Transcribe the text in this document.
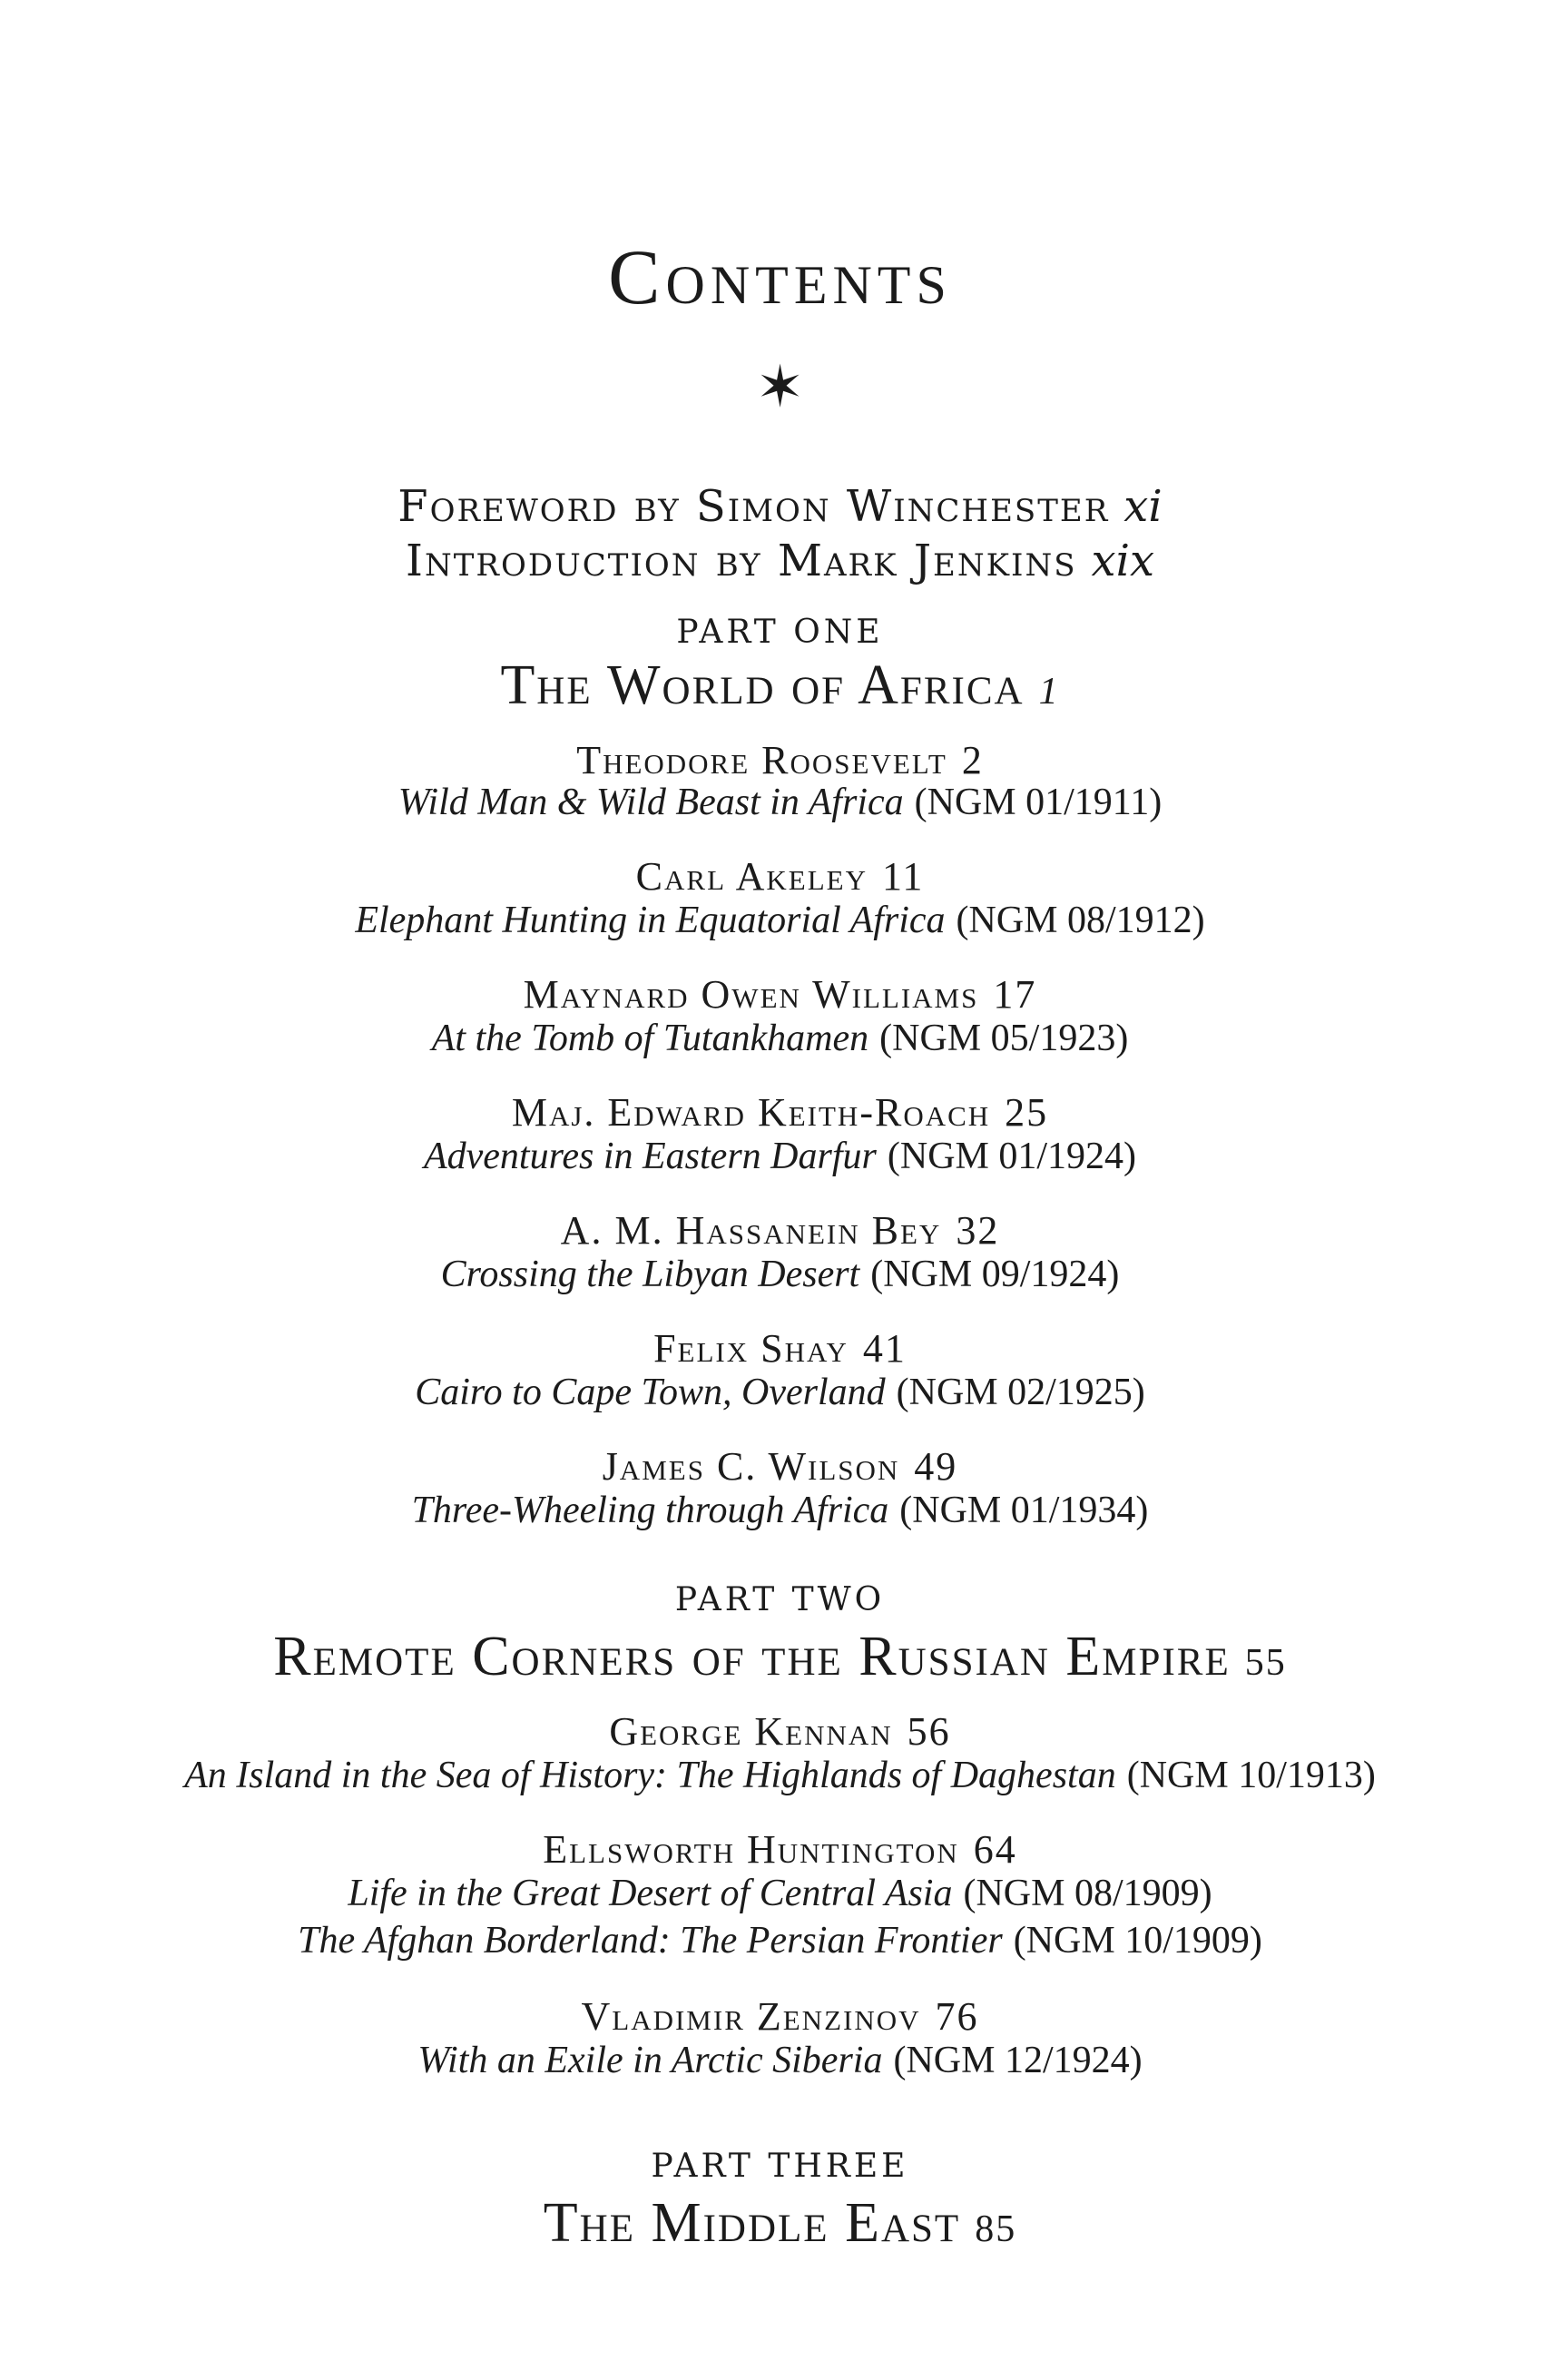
Contents
✶
Foreword by Simon Winchester xi
Introduction by Mark Jenkins xix
PART ONE
The World of Africa 1
Theodore Roosevelt 2
Wild Man & Wild Beast in Africa (NGM 01/1911)
Carl Akeley 11
Elephant Hunting in Equatorial Africa (NGM 08/1912)
Maynard Owen Williams 17
At the Tomb of Tutankhamen (NGM 05/1923)
Maj. Edward Keith-Roach 25
Adventures in Eastern Darfur (NGM 01/1924)
A. M. Hassanein Bey 32
Crossing the Libyan Desert (NGM 09/1924)
Felix Shay 41
Cairo to Cape Town, Overland (NGM 02/1925)
James C. Wilson 49
Three-Wheeling through Africa (NGM 01/1934)
PART TWO
Remote Corners of the Russian Empire 55
George Kennan 56
An Island in the Sea of History: The Highlands of Daghestan (NGM 10/1913)
Ellsworth Huntington 64
Life in the Great Desert of Central Asia (NGM 08/1909)
The Afghan Borderland: The Persian Frontier (NGM 10/1909)
Vladimir Zenzinov 76
With an Exile in Arctic Siberia (NGM 12/1924)
PART THREE
The Middle East 85
